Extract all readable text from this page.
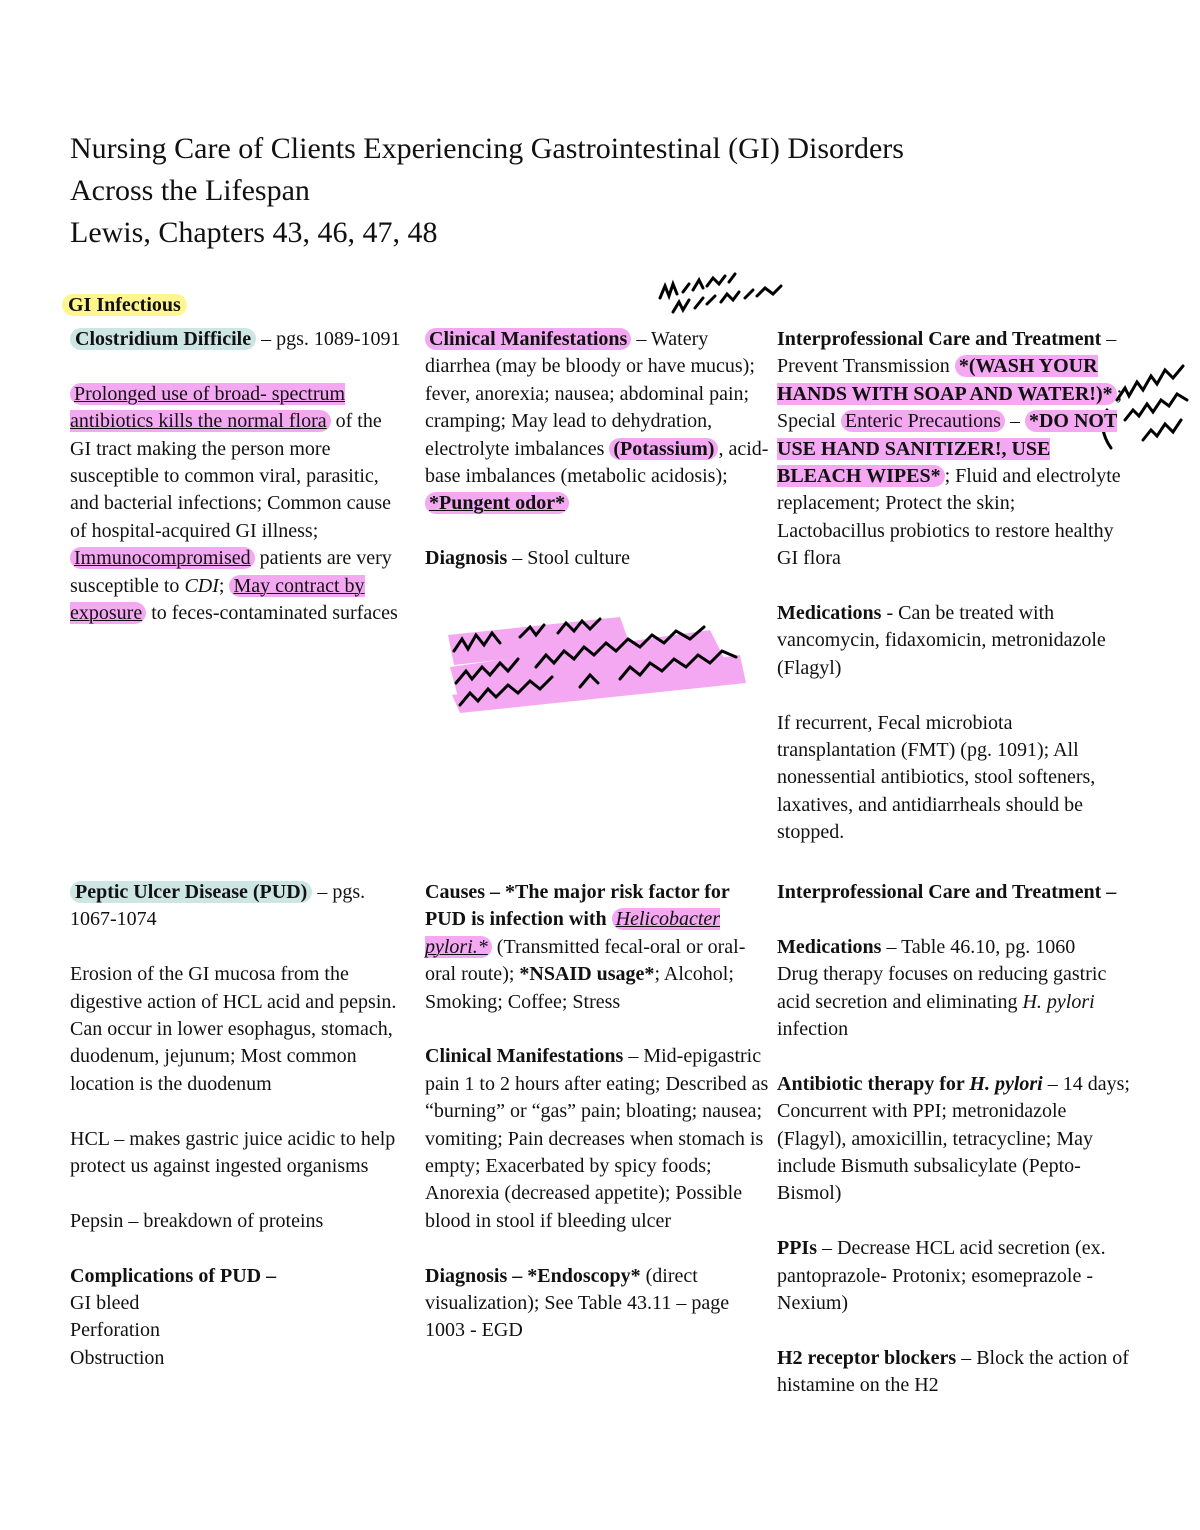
Nursing Care of Clients Experiencing Gastrointestinal (GI) Disorders
Across the Lifespan
Lewis, Chapters 43, 46, 47, 48
GI Infectious

Clostridium Difficile – pgs. 1089-1091

Prolonged use of broad- spectrum antibiotics kills the normal flora of the GI tract making the person more susceptible to common viral, parasitic, and bacterial infections; Common cause of hospital-acquired GI illness; Immunocompromised patients are very susceptible to CDI; May contract by exposure to feces-contaminated surfaces

Clinical Manifestations – Watery diarrhea (may be bloody or have mucus); fever, anorexia; nausea; abdominal pain; cramping; May lead to dehydration, electrolyte imbalances (Potassium) , acid-base imbalances (metabolic acidosis); *Pungent odor*

Diagnosis – Stool culture

Interprofessional Care and Treatment – Prevent Transmission *(WASH YOUR HANDS WITH SOAP AND WATER!)* ; Special Enteric Precautions – *DO NOT USE HAND SANITIZER!, USE BLEACH WIPES* ; Fluid and electrolyte replacement; Protect the skin; Lactobacillus probiotics to restore healthy GI flora

Medications - Can be treated with vancomycin, fidaxomicin, metronidazole (Flagyl)

If recurrent, Fecal microbiota transplantation (FMT) (pg. 1091); All nonessential antibiotics, stool softeners, laxatives, and antidiarrheals should be stopped.

Peptic Ulcer Disease (PUD) – pgs. 1067-1074

Erosion of the GI mucosa from the digestive action of HCL acid and pepsin. Can occur in lower esophagus, stomach, duodenum, jejunum; Most common location is the duodenum

HCL – makes gastric juice acidic to help protect us against ingested organisms

Pepsin – breakdown of proteins

Complications of PUD –
GI bleed
Perforation
Obstruction

Causes – *The major risk factor for PUD is infection with Helicobacter pylori.* (Transmitted fecal-oral or oral-oral route); *NSAID usage*; Alcohol; Smoking; Coffee; Stress

Clinical Manifestations – Mid-epigastric pain 1 to 2 hours after eating; Described as “burning” or “gas” pain; bloating; nausea; vomiting; Pain decreases when stomach is empty; Exacerbated by spicy foods; Anorexia (decreased appetite); Possible blood in stool if bleeding ulcer

Diagnosis – *Endoscopy* (direct visualization); See Table 43.11 – page 1003 - EGD

Interprofessional Care and Treatment –

Medications – Table 46.10, pg. 1060
Drug therapy focuses on reducing gastric acid secretion and eliminating H. pylori infection

Antibiotic therapy for H. pylori – 14 days; Concurrent with PPI; metronidazole (Flagyl), amoxicillin, tetracycline; May include Bismuth subsalicylate (Pepto-Bismol)

PPIs – Decrease HCL acid secretion (ex. pantoprazole- Protonix; esomeprazole - Nexium)

H2 receptor blockers – Block the action of histamine on the H2
